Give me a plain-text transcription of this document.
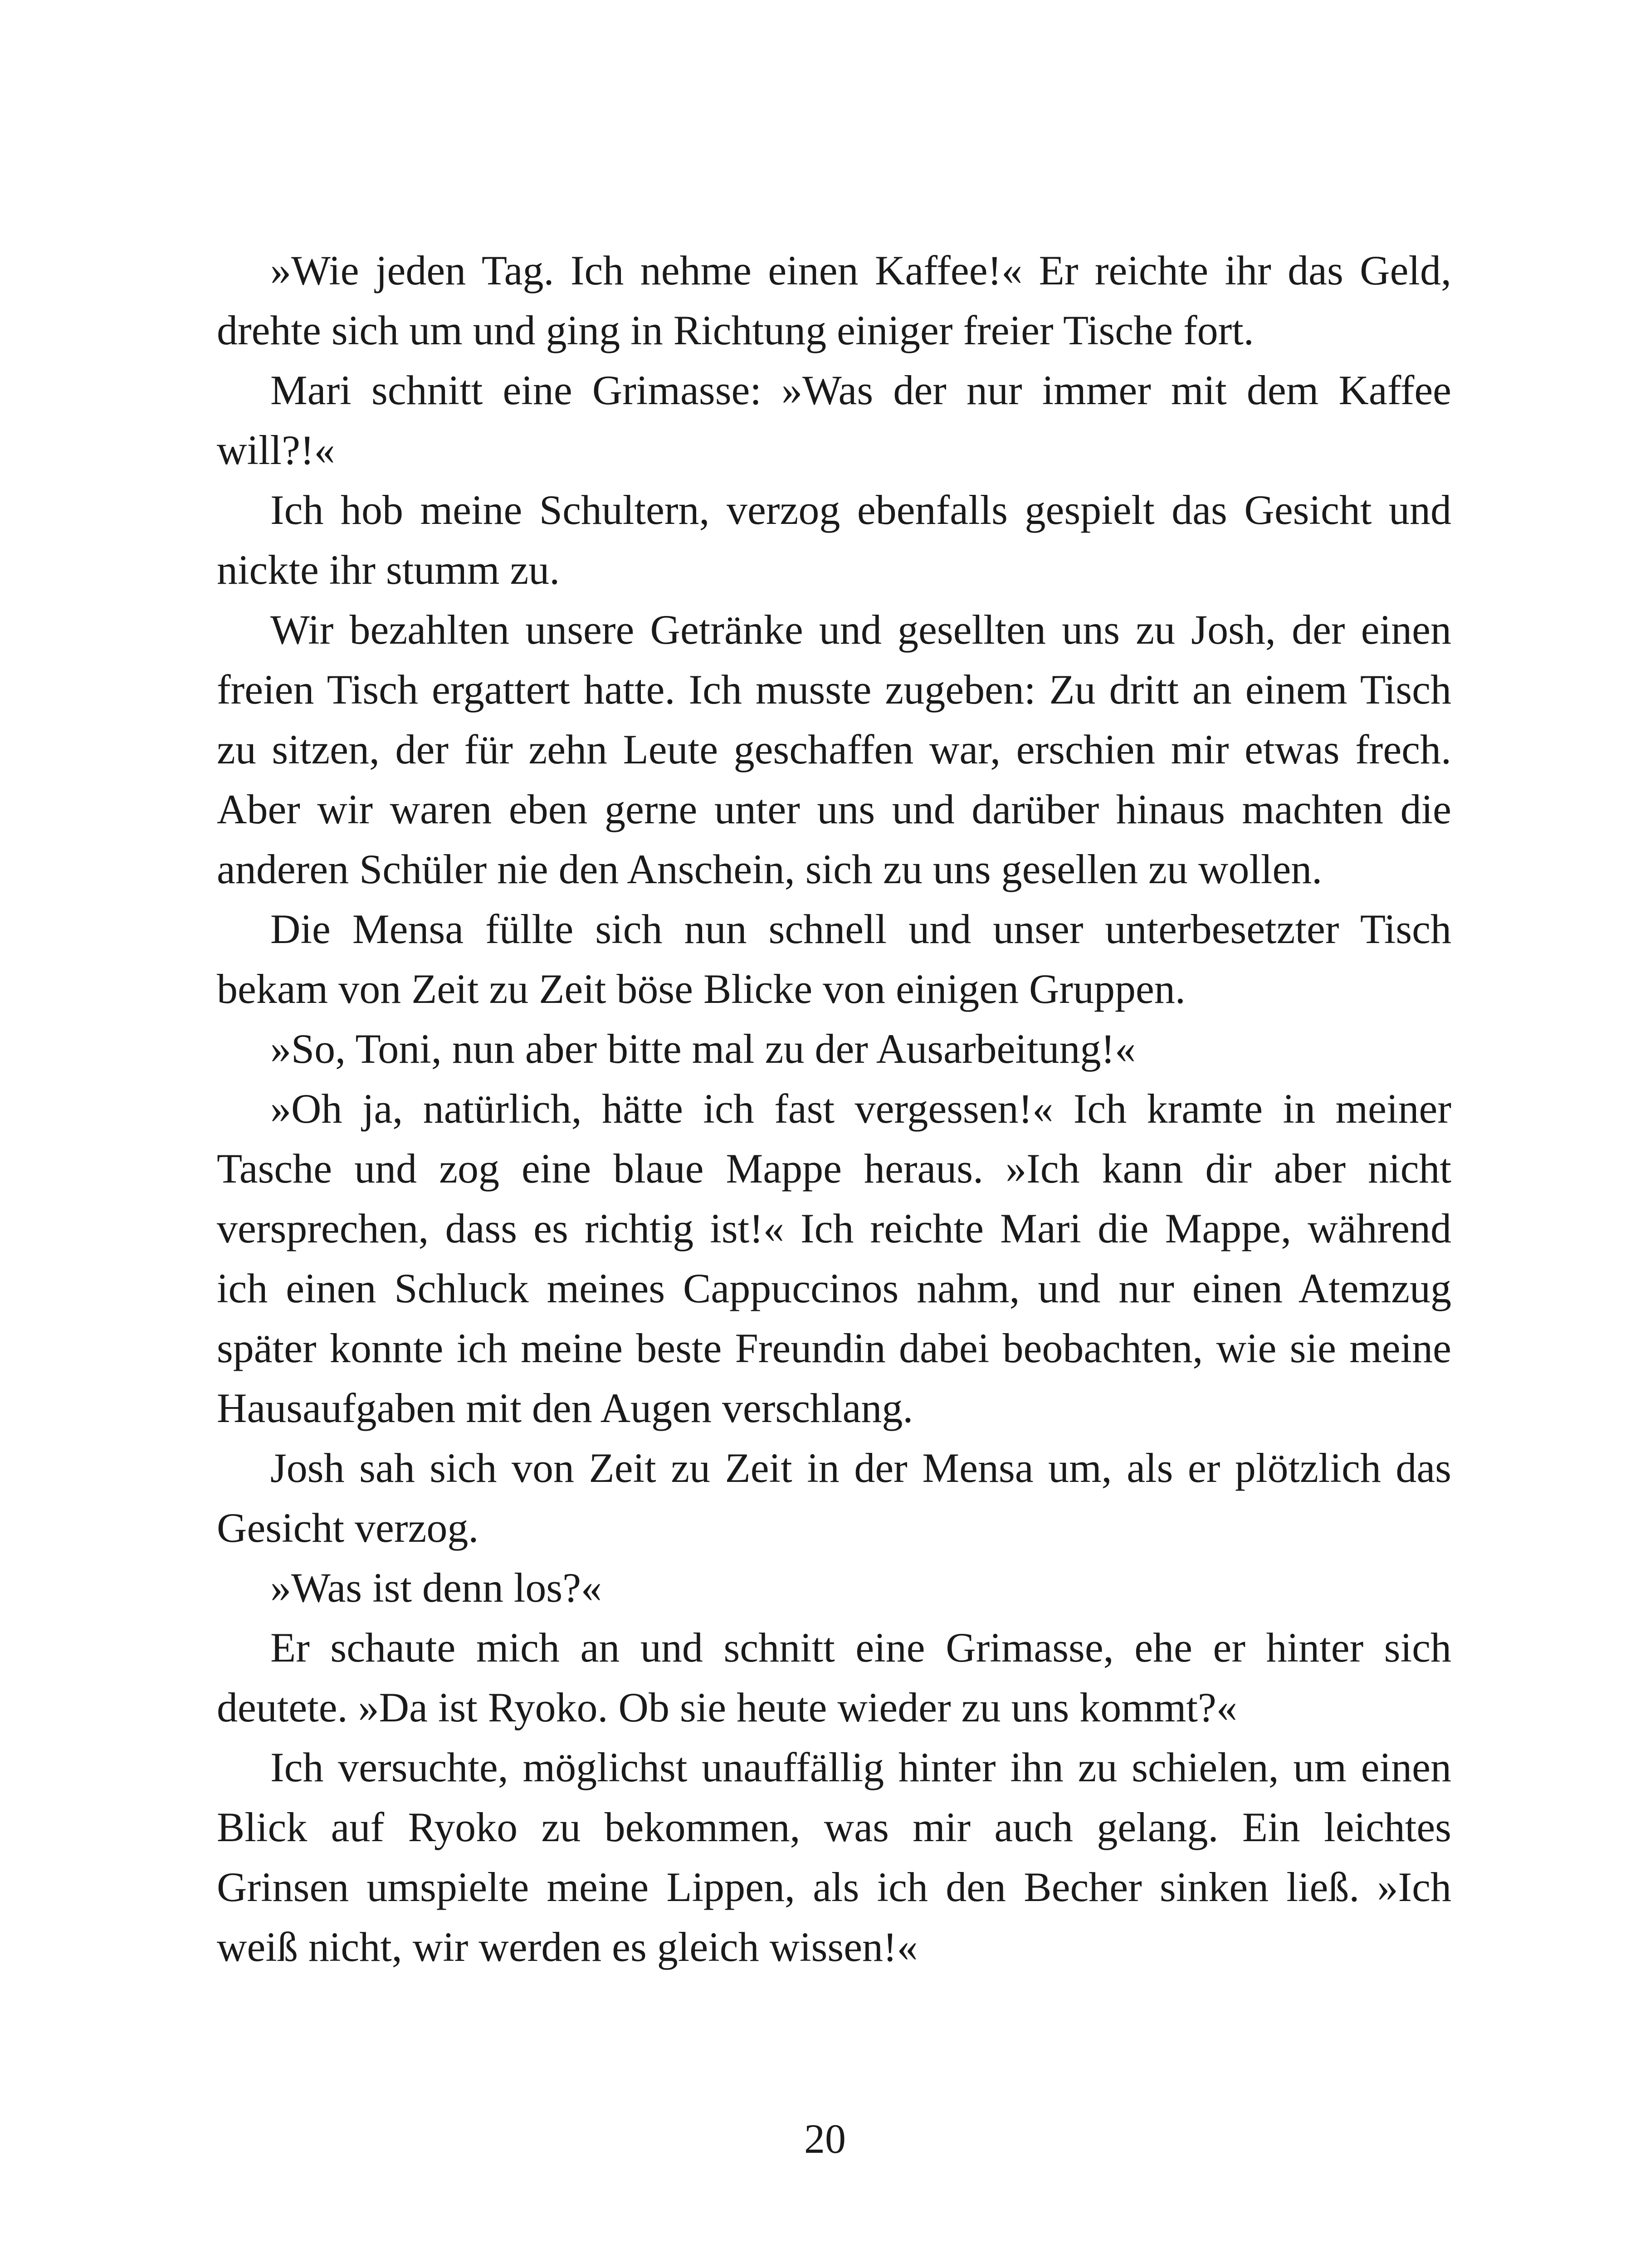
»Wie jeden Tag. Ich nehme einen Kaffee!« Er reichte ihr das Geld, drehte sich um und ging in Richtung einiger freier Tische fort.

Mari schnitt eine Grimasse: »Was der nur immer mit dem Kaffee will?!«

Ich hob meine Schultern, verzog ebenfalls gespielt das Gesicht und nickte ihr stumm zu.

Wir bezahlten unsere Getränke und gesellten uns zu Josh, der einen freien Tisch ergattert hatte. Ich musste zugeben: Zu dritt an einem Tisch zu sitzen, der für zehn Leute geschaffen war, erschien mir etwas frech. Aber wir waren eben gerne unter uns und darüber hinaus machten die anderen Schüler nie den Anschein, sich zu uns gesellen zu wollen.

Die Mensa füllte sich nun schnell und unser unterbesetzter Tisch bekam von Zeit zu Zeit böse Blicke von einigen Gruppen.

»So, Toni, nun aber bitte mal zu der Ausarbeitung!«

»Oh ja, natürlich, hätte ich fast vergessen!« Ich kramte in meiner Tasche und zog eine blaue Mappe heraus. »Ich kann dir aber nicht versprechen, dass es richtig ist!« Ich reichte Mari die Mappe, während ich einen Schluck meines Cappuccinos nahm, und nur einen Atemzug später konnte ich meine beste Freundin dabei beobachten, wie sie meine Hausaufgaben mit den Augen verschlang.

Josh sah sich von Zeit zu Zeit in der Mensa um, als er plötzlich das Gesicht verzog.

»Was ist denn los?«

Er schaute mich an und schnitt eine Grimasse, ehe er hinter sich deutete. »Da ist Ryoko. Ob sie heute wieder zu uns kommt?«

Ich versuchte, möglichst unauffällig hinter ihn zu schielen, um einen Blick auf Ryoko zu bekommen, was mir auch gelang. Ein leichtes Grinsen umspielte meine Lippen, als ich den Becher sinken ließ. »Ich weiß nicht, wir werden es gleich wissen!«

20
